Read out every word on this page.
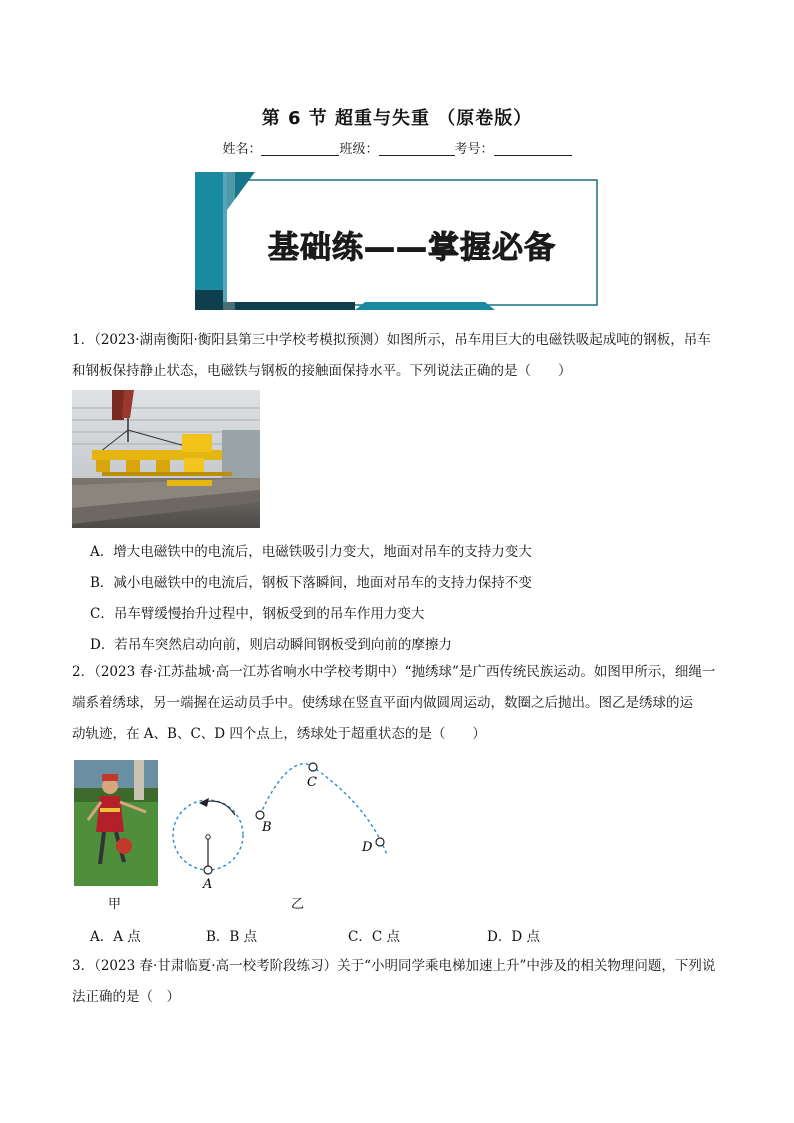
第 6 节 超重与失重 （原卷版）
姓名：	班级：	考号：
基础练——掌握必备
1．（2023·湖南衡阳·衡阳县第三中学校考模拟预测）如图所示，吊车用巨大的电磁铁吸起成吨的钢板，吊车
和钢板保持静止状态，电磁铁与钢板的接触面保持水平。下列说法正确的是（　　）
A．增大电磁铁中的电流后，电磁铁吸引力变大，地面对吊车的支持力变大
B．减小电磁铁中的电流后，钢板下落瞬间，地面对吊车的支持力保持不变
C．吊车臂缓慢抬升过程中，钢板受到的吊车作用力变大
D．若吊车突然启动向前，则启动瞬间钢板受到向前的摩擦力
2．（2023 春·江苏盐城·高一江苏省响水中学校考期中）“抛绣球”是广西传统民族运动。如图甲所示，细绳一
端系着绣球，另一端握在运动员手中。使绣球在竖直平面内做圆周运动，数圈之后抛出。图乙是绣球的运
动轨迹，在 A、B、C、D 四个点上，绣球处于超重状态的是（　　）
甲
A
B
C
D
乙
A．A 点	B．B 点	C．C 点	D．D 点
3．（2023 春·甘肃临夏·高一校考阶段练习）关于“小明同学乘电梯加速上升”中涉及的相关物理问题，下列说
法正确的是（　）
